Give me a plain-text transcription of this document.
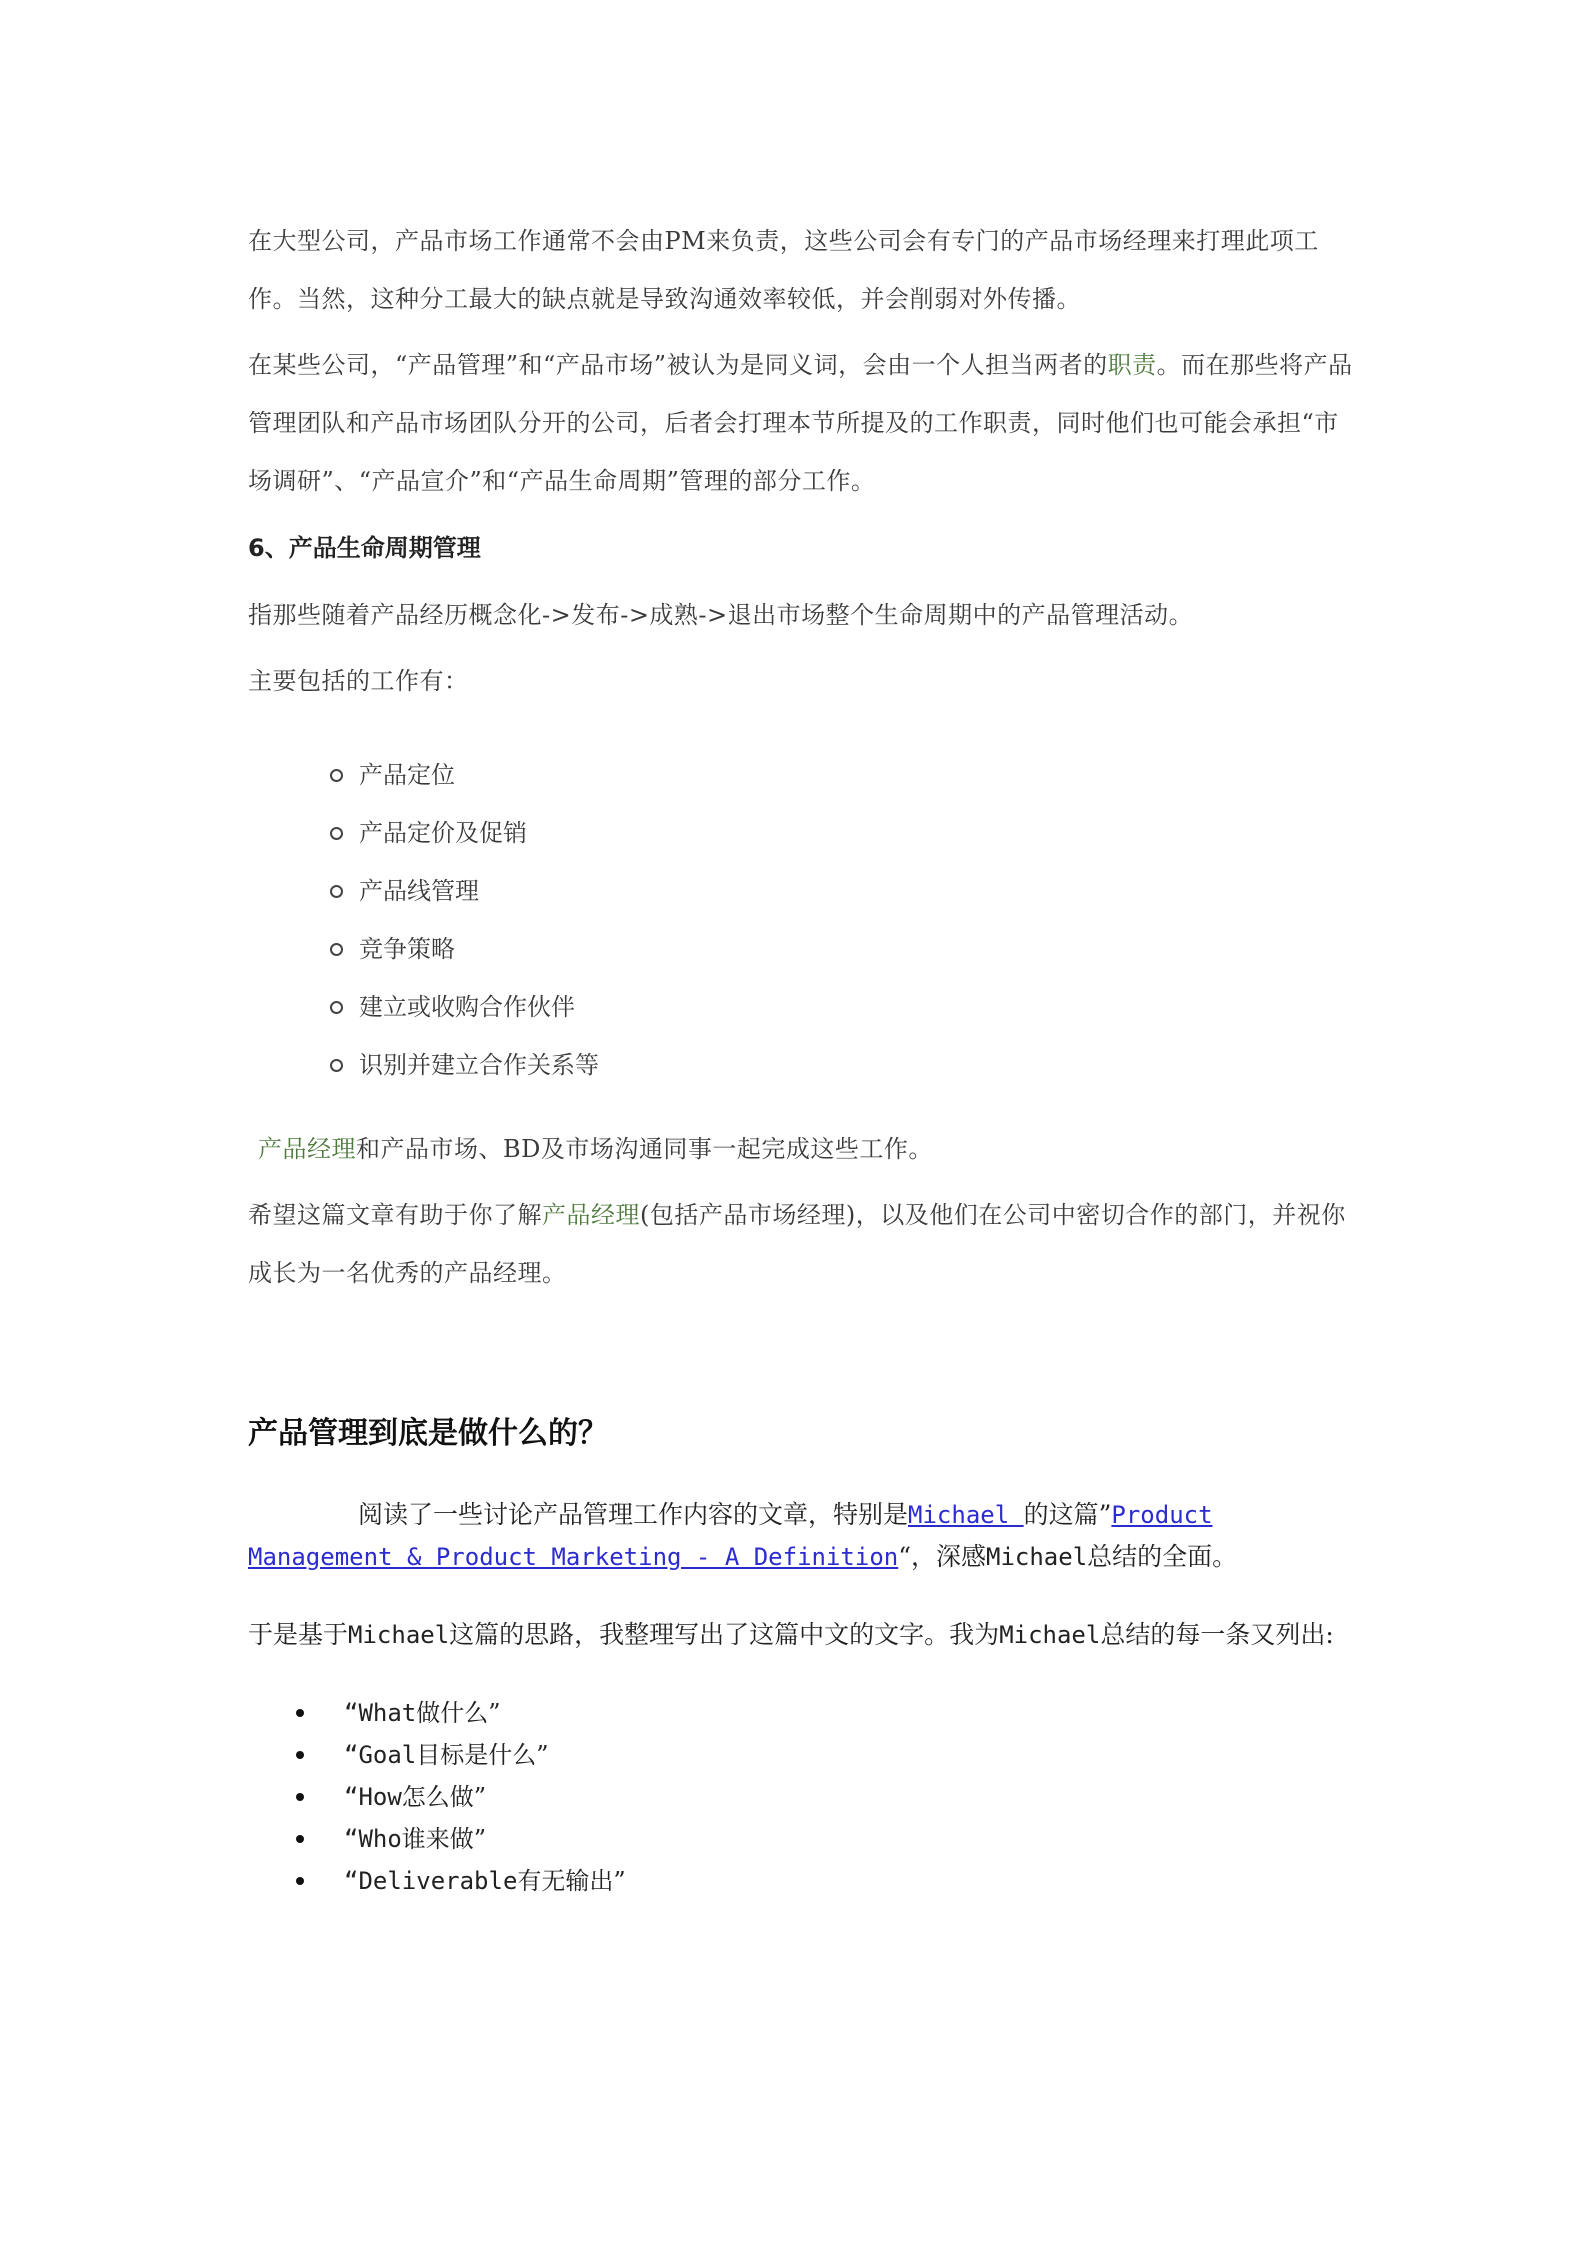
在大型公司，产品市场工作通常不会由PM来负责，这些公司会有专门的产品市场经理来打理此项工作。当然，这种分工最大的缺点就是导致沟通效率较低，并会削弱对外传播。

在某些公司，“产品管理”和“产品市场”被认为是同义词，会由一个人担当两者的职责。而在那些将产品管理团队和产品市场团队分开的公司，后者会打理本节所提及的工作职责，同时他们也可能会承担“市场调研”、“产品宣介”和“产品生命周期”管理的部分工作。

6、产品生命周期管理

指那些随着产品经历概念化->发布->成熟->退出市场整个生命周期中的产品管理活动。

主要包括的工作有：

产品定位
产品定价及促销
产品线管理
竞争策略
建立或收购合作伙伴
识别并建立合作关系等

产品经理和产品市场、BD及市场沟通同事一起完成这些工作。

希望这篇文章有助于你了解产品经理(包括产品市场经理)，以及他们在公司中密切合作的部门，并祝你成长为一名优秀的产品经理。

产品管理到底是做什么的？

阅读了一些讨论产品管理工作内容的文章，特别是Michael 的这篇”Product Management & Product Marketing - A Definition“，深感Michael总结的全面。

于是基于Michael这篇的思路，我整理写出了这篇中文的文字。我为Michael总结的每一条又列出:

“What 做什么”
“Goal 目标是什么”
“How 怎么做”
“Who 谁来做”
“Deliverable 有无输出”
